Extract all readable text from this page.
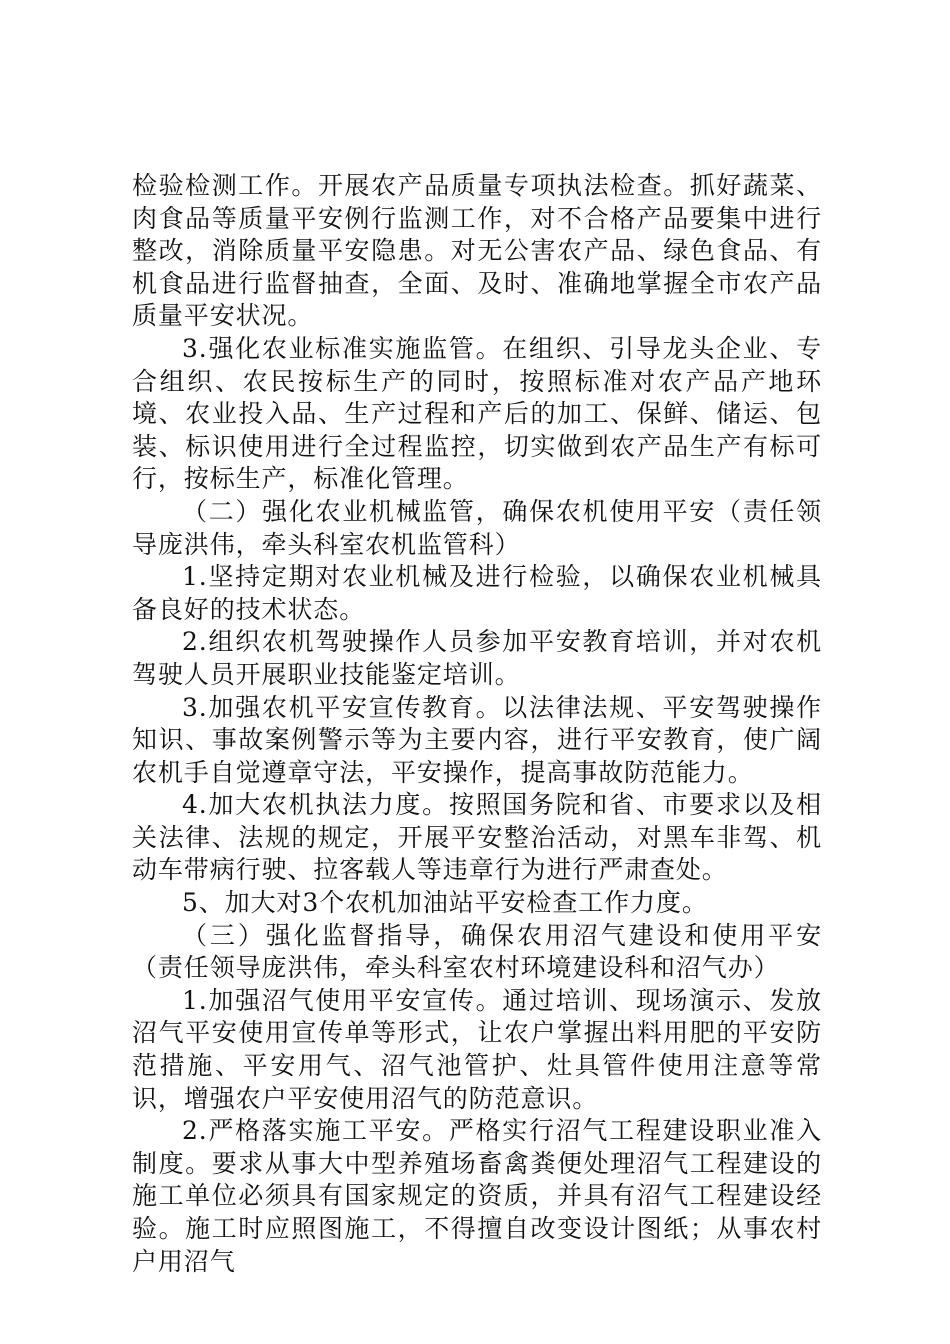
检验检测工作。开展农产品质量专项执法检查。抓好蔬菜、肉食品等质量平安例行监测工作，对不合格产品要集中进行整改，消除质量平安隐患。对无公害农产品、绿色食品、有机食品进行监督抽查，全面、及时、准确地掌握全市农产品质量平安状况。

3.强化农业标准实施监管。在组织、引导龙头企业、专合组织、农民按标生产的同时，按照标准对农产品产地环境、农业投入品、生产过程和产后的加工、保鲜、储运、包装、标识使用进行全过程监控，切实做到农产品生产有标可行，按标生产，标准化管理。

（二）强化农业机械监管，确保农机使用平安（责任领导庞洪伟，牵头科室农机监管科）

1.坚持定期对农业机械及进行检验，以确保农业机械具备良好的技术状态。

2.组织农机驾驶操作人员参加平安教育培训，并对农机驾驶人员开展职业技能鉴定培训。

3.加强农机平安宣传教育。以法律法规、平安驾驶操作知识、事故案例警示等为主要内容，进行平安教育，使广阔农机手自觉遵章守法，平安操作，提高事故防范能力。

4.加大农机执法力度。按照国务院和省、市要求以及相关法律、法规的规定，开展平安整治活动，对黑车非驾、机动车带病行驶、拉客载人等违章行为进行严肃查处。

5、加大对3个农机加油站平安检查工作力度。

（三）强化监督指导，确保农用沼气建设和使用平安（责任领导庞洪伟，牵头科室农村环境建设科和沼气办）

1.加强沼气使用平安宣传。通过培训、现场演示、发放沼气平安使用宣传单等形式，让农户掌握出料用肥的平安防范措施、平安用气、沼气池管护、灶具管件使用注意等常识，增强农户平安使用沼气的防范意识。

2.严格落实施工平安。严格实行沼气工程建设职业准入制度。要求从事大中型养殖场畜禽粪便处理沼气工程建设的施工单位必须具有国家规定的资质，并具有沼气工程建设经验。施工时应照图施工，不得擅自改变设计图纸；从事农村户用沼气
